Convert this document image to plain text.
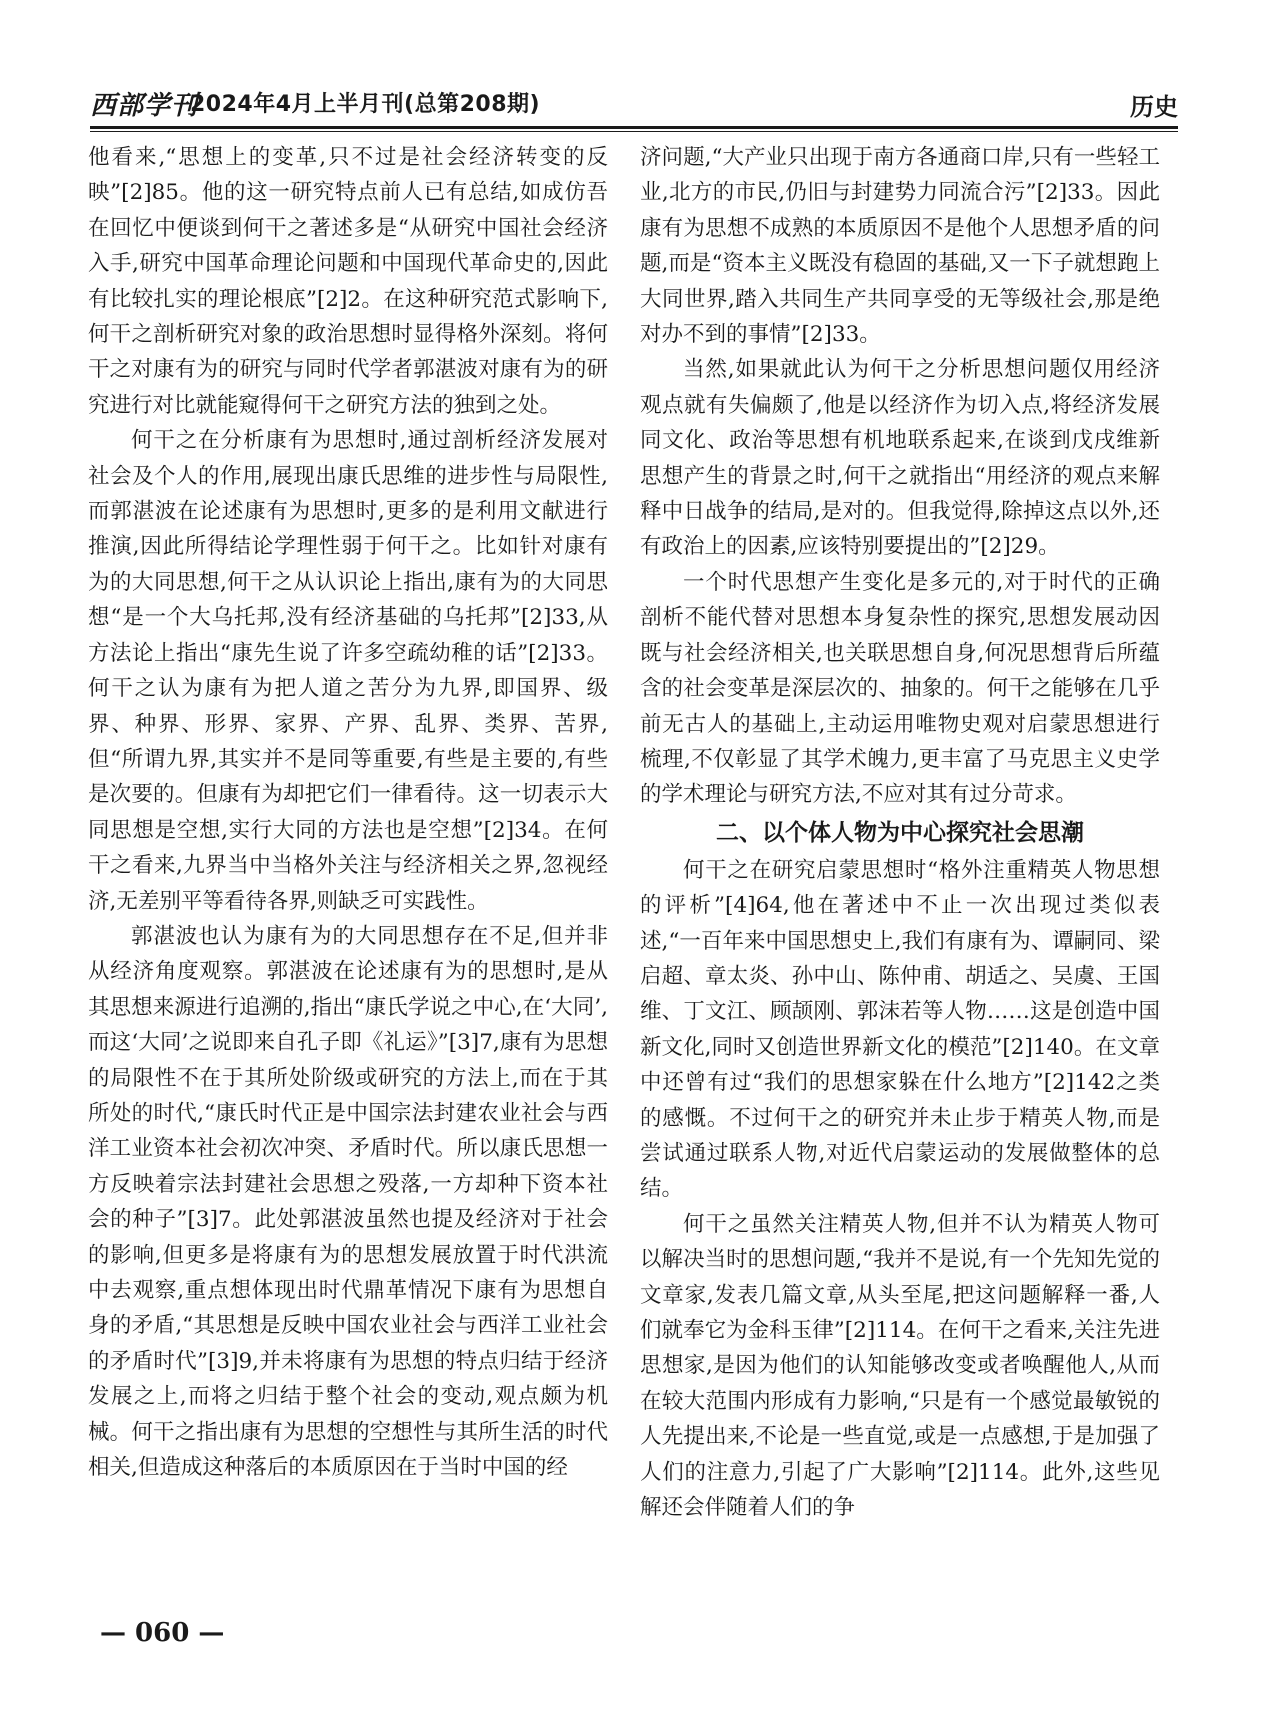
西部学刊
2024年4月上半月刊(总第208期)	历史

他看来,“思想上的变革,只不过是社会经济转变的反映”[2]85。他的这一研究特点前人已有总结,如成仿吾在回忆中便谈到何干之著述多是“从研究中国社会经济入手,研究中国革命理论问题和中国现代革命史的,因此有比较扎实的理论根底”[2]2。在这种研究范式影响下,何干之剖析研究对象的政治思想时显得格外深刻。将何干之对康有为的研究与同时代学者郭湛波对康有为的研究进行对比就能窥得何干之研究方法的独到之处。

何干之在分析康有为思想时,通过剖析经济发展对社会及个人的作用,展现出康氏思维的进步性与局限性,而郭湛波在论述康有为思想时,更多的是利用文献进行推演,因此所得结论学理性弱于何干之。比如针对康有为的大同思想,何干之从认识论上指出,康有为的大同思想“是一个大乌托邦,没有经济基础的乌托邦”[2]33,从方法论上指出“康先生说了许多空疏幼稚的话”[2]33。何干之认为康有为把人道之苦分为九界,即国界、级界、种界、形界、家界、产界、乱界、类界、苦界,但“所谓九界,其实并不是同等重要,有些是主要的,有些是次要的。但康有为却把它们一律看待。这一切表示大同思想是空想,实行大同的方法也是空想”[2]34。在何干之看来,九界当中当格外关注与经济相关之界,忽视经济,无差别平等看待各界,则缺乏可实践性。

郭湛波也认为康有为的大同思想存在不足,但并非从经济角度观察。郭湛波在论述康有为的思想时,是从其思想来源进行追溯的,指出“康氏学说之中心,在‘大同’,而这‘大同’之说即来自孔子即《礼运》”[3]7,康有为思想的局限性不在于其所处阶级或研究的方法上,而在于其所处的时代,“康氏时代正是中国宗法封建农业社会与西洋工业资本社会初次冲突、矛盾时代。所以康氏思想一方反映着宗法封建社会思想之殁落,一方却种下资本社会的种子”[3]7。此处郭湛波虽然也提及经济对于社会的影响,但更多是将康有为的思想发展放置于时代洪流中去观察,重点想体现出时代鼎革情况下康有为思想自身的矛盾,“其思想是反映中国农业社会与西洋工业社会的矛盾时代”[3]9,并未将康有为思想的特点归结于经济发展之上,而将之归结于整个社会的变动,观点颇为机械。何干之指出康有为思想的空想性与其所生活的时代相关,但造成这种落后的本质原因在于当时中国的经

济问题,“大产业只出现于南方各通商口岸,只有一些轻工业,北方的市民,仍旧与封建势力同流合污”[2]33。因此康有为思想不成熟的本质原因不是他个人思想矛盾的问题,而是“资本主义既没有稳固的基础,又一下子就想跑上大同世界,踏入共同生产共同享受的无等级社会,那是绝对办不到的事情”[2]33。

当然,如果就此认为何干之分析思想问题仅用经济观点就有失偏颇了,他是以经济作为切入点,将经济发展同文化、政治等思想有机地联系起来,在谈到戊戌维新思想产生的背景之时,何干之就指出“用经济的观点来解释中日战争的结局,是对的。但我觉得,除掉这点以外,还有政治上的因素,应该特别要提出的”[2]29。

一个时代思想产生变化是多元的,对于时代的正确剖析不能代替对思想本身复杂性的探究,思想发展动因既与社会经济相关,也关联思想自身,何况思想背后所蕴含的社会变革是深层次的、抽象的。何干之能够在几乎前无古人的基础上,主动运用唯物史观对启蒙思想进行梳理,不仅彰显了其学术魄力,更丰富了马克思主义史学的学术理论与研究方法,不应对其有过分苛求。

二、以个体人物为中心探究社会思潮

何干之在研究启蒙思想时“格外注重精英人物思想的评析”[4]64,他在著述中不止一次出现过类似表述,“一百年来中国思想史上,我们有康有为、谭嗣同、梁启超、章太炎、孙中山、陈仲甫、胡适之、吴虞、王国维、丁文江、顾颉刚、郭沫若等人物……这是创造中国新文化,同时又创造世界新文化的模范”[2]140。在文章中还曾有过“我们的思想家躲在什么地方”[2]142之类的感慨。不过何干之的研究并未止步于精英人物,而是尝试通过联系人物,对近代启蒙运动的发展做整体的总结。

何干之虽然关注精英人物,但并不认为精英人物可以解决当时的思想问题,“我并不是说,有一个先知先觉的文章家,发表几篇文章,从头至尾,把这问题解释一番,人们就奉它为金科玉律”[2]114。在何干之看来,关注先进思想家,是因为他们的认知能够改变或者唤醒他人,从而在较大范围内形成有力影响,“只是有一个感觉最敏锐的人先提出来,不论是一些直觉,或是一点感想,于是加强了人们的注意力,引起了广大影响”[2]114。此外,这些见解还会伴随着人们的争

— 060 —
